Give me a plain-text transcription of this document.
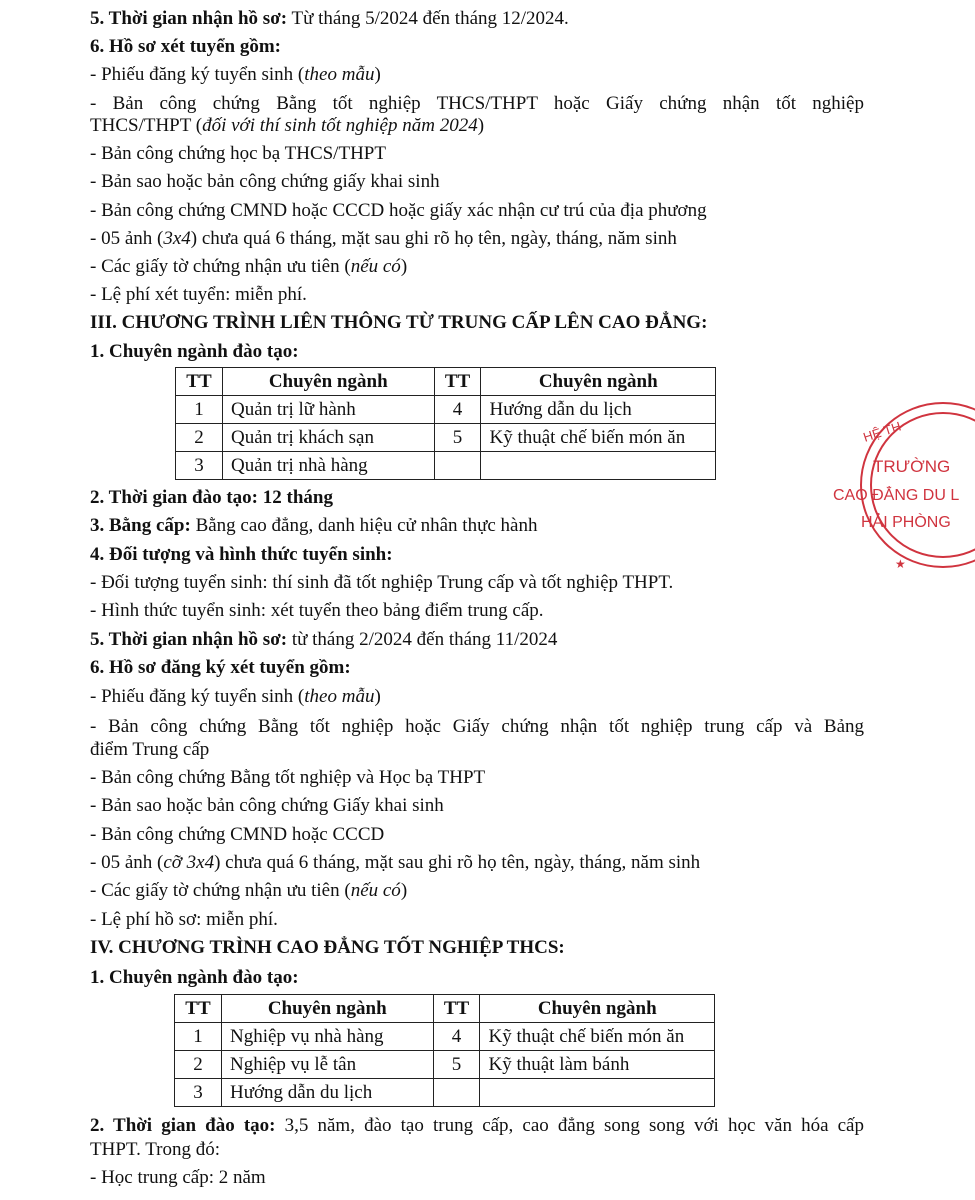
5. Thời gian nhận hồ sơ: Từ tháng 5/2024 đến tháng 12/2024.
6. Hồ sơ xét tuyển gồm:
- Phiếu đăng ký tuyển sinh (theo mẫu)
- Bản công chứng Bằng tốt nghiệp THCS/THPT hoặc Giấy chứng nhận tốt nghiệp
THCS/THPT (đối với thí sinh tốt nghiệp năm 2024)
- Bản công chứng học bạ THCS/THPT
- Bản sao hoặc bản công chứng giấy khai sinh
- Bản công chứng CMND hoặc CCCD hoặc giấy xác nhận cư trú của địa phương
- 05 ảnh (3x4) chưa quá 6 tháng, mặt sau ghi rõ họ tên, ngày, tháng, năm sinh
- Các giấy tờ chứng nhận ưu tiên (nếu có)
- Lệ phí xét tuyển: miễn phí.
III. CHƯƠNG TRÌNH LIÊN THÔNG TỪ TRUNG CẤP LÊN CAO ĐẲNG:
1. Chuyên ngành đào tạo:
TT	Chuyên ngành	TT	Chuyên ngành
1	Quản trị lữ hành	4	Hướng dẫn du lịch
2	Quản trị khách sạn	5	Kỹ thuật chế biến món ăn
3	Quản trị nhà hàng		
2. Thời gian đào tạo: 12 tháng
3. Bằng cấp: Bằng cao đẳng, danh hiệu cử nhân thực hành
4. Đối tượng và hình thức tuyển sinh:
- Đối tượng tuyển sinh: thí sinh đã tốt nghiệp Trung cấp và tốt nghiệp THPT.
- Hình thức tuyển sinh: xét tuyển theo bảng điểm trung cấp.
5. Thời gian nhận hồ sơ: từ tháng 2/2024 đến tháng 11/2024
6. Hồ sơ đăng ký xét tuyển gồm:
- Phiếu đăng ký tuyển sinh (theo mẫu)
- Bản công chứng Bằng tốt nghiệp hoặc Giấy chứng nhận tốt nghiệp trung cấp và Bảng
điểm Trung cấp
- Bản công chứng Bằng tốt nghiệp và Học bạ THPT
- Bản sao hoặc bản công chứng Giấy khai sinh
- Bản công chứng CMND hoặc CCCD
- 05 ảnh (cỡ 3x4) chưa quá 6 tháng, mặt sau ghi rõ họ tên, ngày, tháng, năm sinh
- Các giấy tờ chứng nhận ưu tiên (nếu có)
- Lệ phí hồ sơ: miễn phí.
IV. CHƯƠNG TRÌNH CAO ĐẲNG TỐT NGHIỆP THCS:
1. Chuyên ngành đào tạo:
TT	Chuyên ngành	TT	Chuyên ngành
1	Nghiệp vụ nhà hàng	4	Kỹ thuật chế biến món ăn
2	Nghiệp vụ lễ tân	5	Kỹ thuật làm bánh
3	Hướng dẫn du lịch		
2. Thời gian đào tạo: 3,5 năm, đào tạo trung cấp, cao đẳng song song với học văn hóa cấp
THPT. Trong đó:
- Học trung cấp: 2 năm
HỆ TH
TRƯỜNG
CAO ĐẲNG DU L
HẢI PHÒNG
★
